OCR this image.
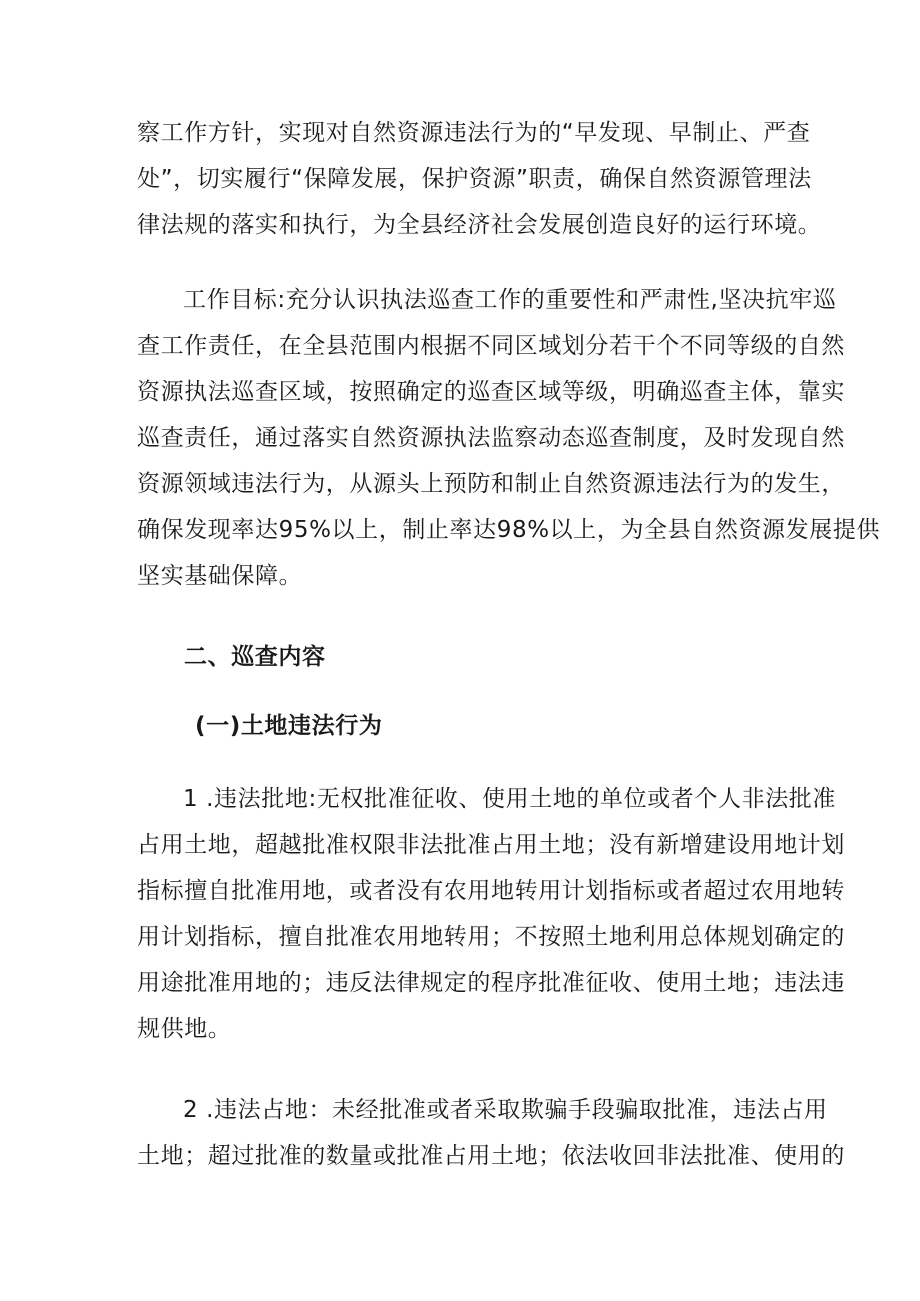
察工作方针，实现对自然资源违法行为的“早发现、早制止、严查
处”，切实履行“保障发展，保护资源”职责，确保自然资源管理法
律法规的落实和执行，为全县经济社会发展创造良好的运行环境。
工作目标:充分认识执法巡查工作的重要性和严肃性,坚决抗牢巡
查工作责任，在全县范围内根据不同区域划分若干个不同等级的自然
资源执法巡查区域，按照确定的巡查区域等级，明确巡查主体，靠实
巡查责任，通过落实自然资源执法监察动态巡查制度，及时发现自然
资源领域违法行为，从源头上预防和制止自然资源违法行为的发生，
确保发现率达95%以上，制止率达98%以上，为全县自然资源发展提供
坚实基础保障。
二、巡查内容
(一)土地违法行为
1 .违法批地:无权批准征收、使用土地的单位或者个人非法批准
占用土地，超越批准权限非法批准占用土地；没有新增建设用地计划
指标擅自批准用地，或者没有农用地转用计划指标或者超过农用地转
用计划指标，擅自批准农用地转用；不按照土地利用总体规划确定的
用途批准用地的；违反法律规定的程序批准征收、使用土地；违法违
规供地。
2 .违法占地：未经批准或者采取欺骗手段骗取批准，违法占用
土地；超过批准的数量或批准占用土地；依法收回非法批准、使用的
